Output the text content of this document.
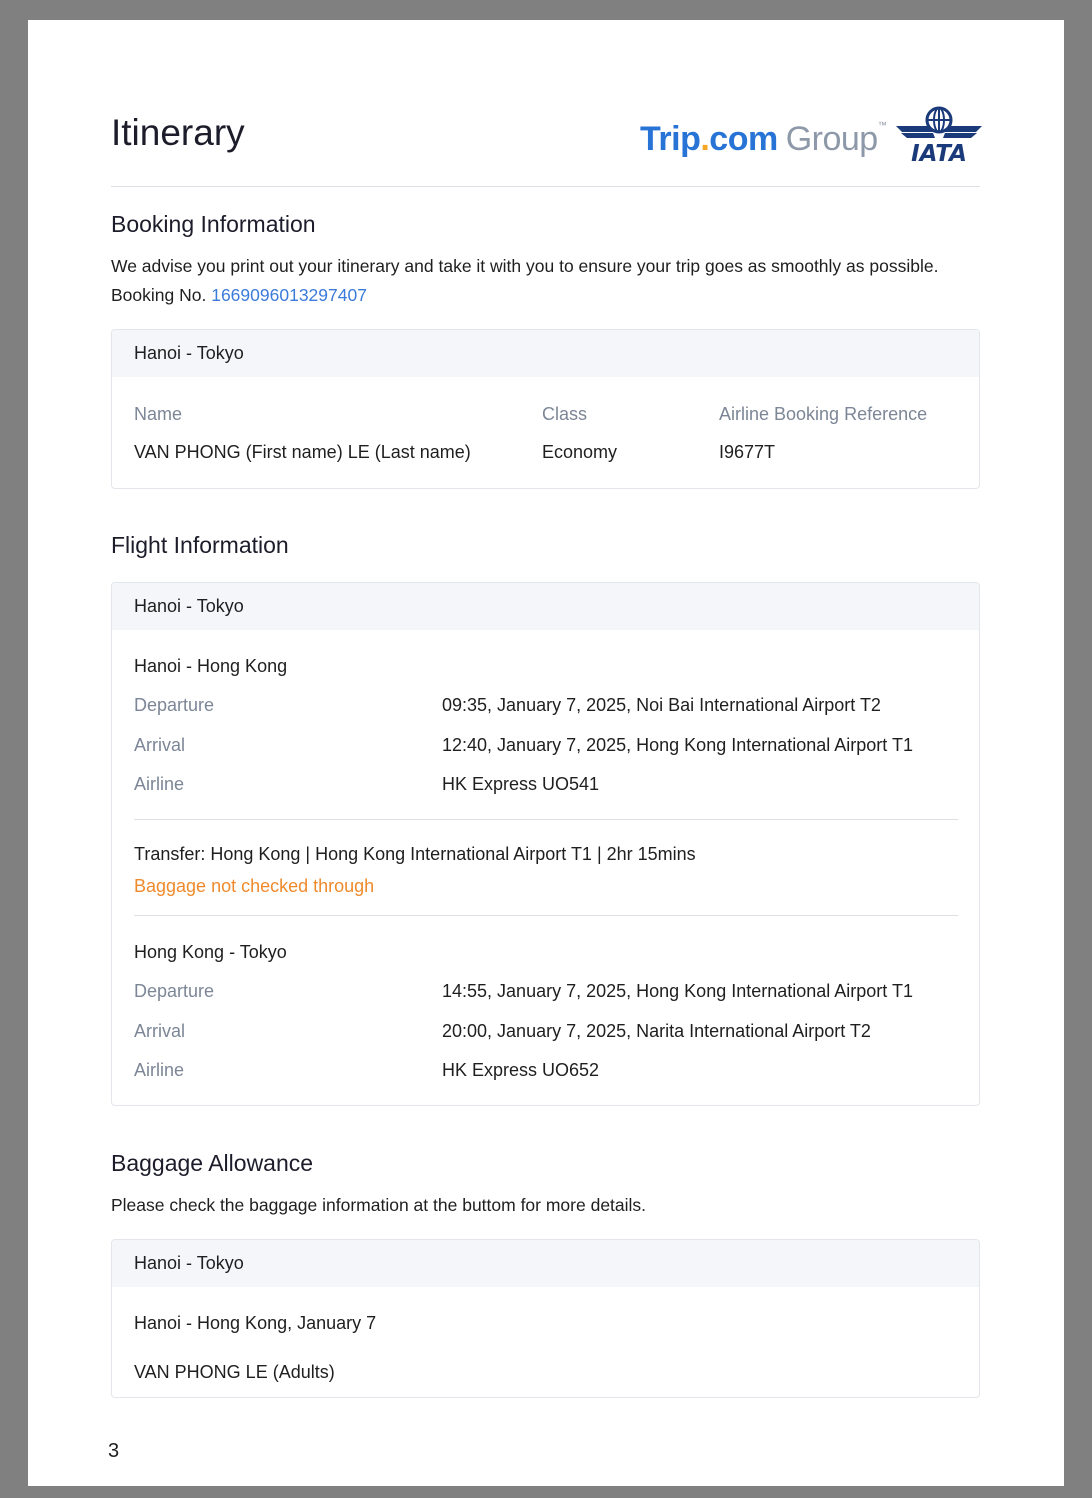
Itinerary	Trip.com Group™
IATA
Booking Information
We advise you print out your itinerary and take it with you to ensure your trip goes as smoothly as possible.
Booking No. 1669096013297407
Hanoi - Tokyo
Name	Class	Airline Booking Reference
VAN PHONG (First name) LE (Last name)	Economy	I9677T
Flight Information
Hanoi - Tokyo
Hanoi - Hong Kong
Departure	09:35, January 7, 2025, Noi Bai International Airport T2
Arrival	12:40, January 7, 2025, Hong Kong International Airport T1
Airline	HK Express UO541
Transfer: Hong Kong | Hong Kong International Airport T1 | 2hr 15mins
Baggage not checked through
Hong Kong - Tokyo
Departure	14:55, January 7, 2025, Hong Kong International Airport T1
Arrival	20:00, January 7, 2025, Narita International Airport T2
Airline	HK Express UO652
Baggage Allowance
Please check the baggage information at the buttom for more details.
Hanoi - Tokyo
Hanoi - Hong Kong, January 7
VAN PHONG LE (Adults)
3
